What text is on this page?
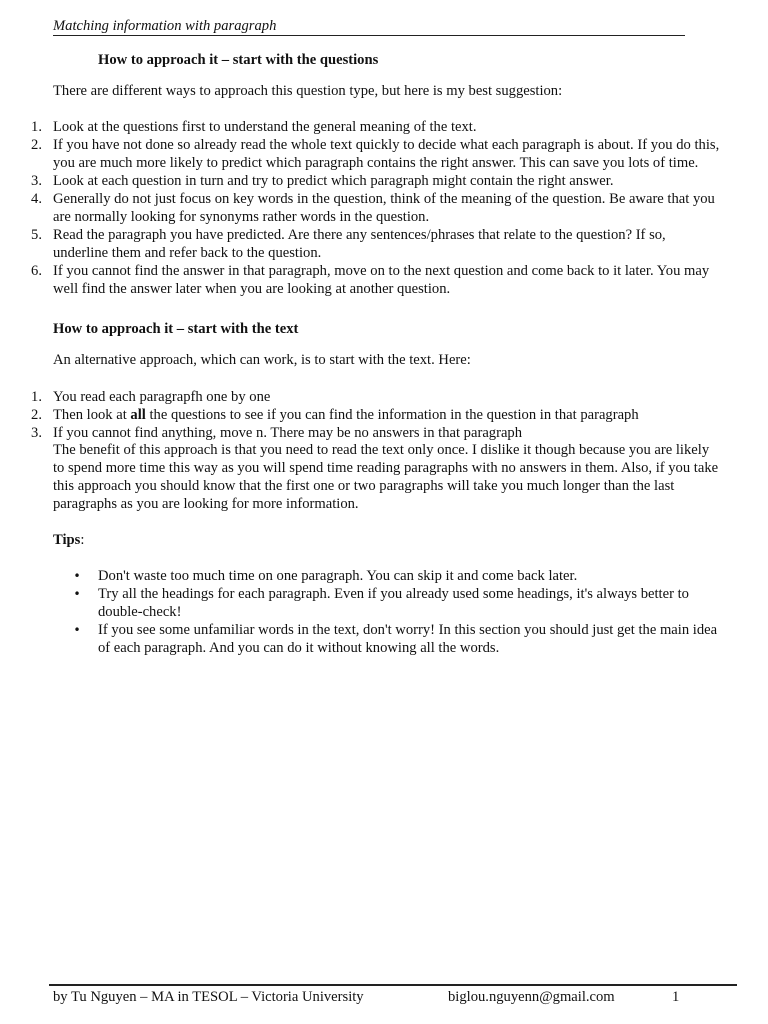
Matching information with paragraph
How to approach it – start with the questions
There are different ways to approach this question type, but here is my best suggestion:
1. Look at the questions first to understand the general meaning of the text.
2. If you have not done so already read the whole text quickly to decide what each paragraph is about. If you do this, you are much more likely to predict which paragraph contains the right answer. This can save you lots of time.
3. Look at each question in turn and try to predict which paragraph might contain the right answer.
4. Generally do not just focus on key words in the question, think of the meaning of the question. Be aware that you are normally looking for synonyms rather words in the question.
5. Read the paragraph you have predicted. Are there any sentences/phrases that relate to the question? If so, underline them and refer back to the question.
6. If you cannot find the answer in that paragraph, move on to the next question and come back to it later. You may well find the answer later when you are looking at another question.
How to approach it – start with the text
An alternative approach, which can work, is to start with the text. Here:
1. You read each paragrapfh one by one
2. Then look at all the questions to see if you can find the information in the question in that paragraph
3. If you cannot find anything, move n. There may be no answers in that paragraph
The benefit of this approach is that you need to read the text only once. I dislike it though because you are likely to spend more time this way as you will spend time reading paragraphs with no answers in them. Also, if you take this approach you should know that the first one or two paragraphs will take you much longer than the last paragraphs as you are looking for more information.
Tips:
• Don't waste too much time on one paragraph. You can skip it and come back later.
• Try all the headings for each paragraph. Even if you already used some headings, it's always better to double-check!
• If you see some unfamiliar words in the text, don't worry! In this section you should just get the main idea of each paragraph. And you can do it without knowing all the words.
by Tu Nguyen – MA in TESOL – Victoria University	biglou.nguyenn@gmail.com	1
